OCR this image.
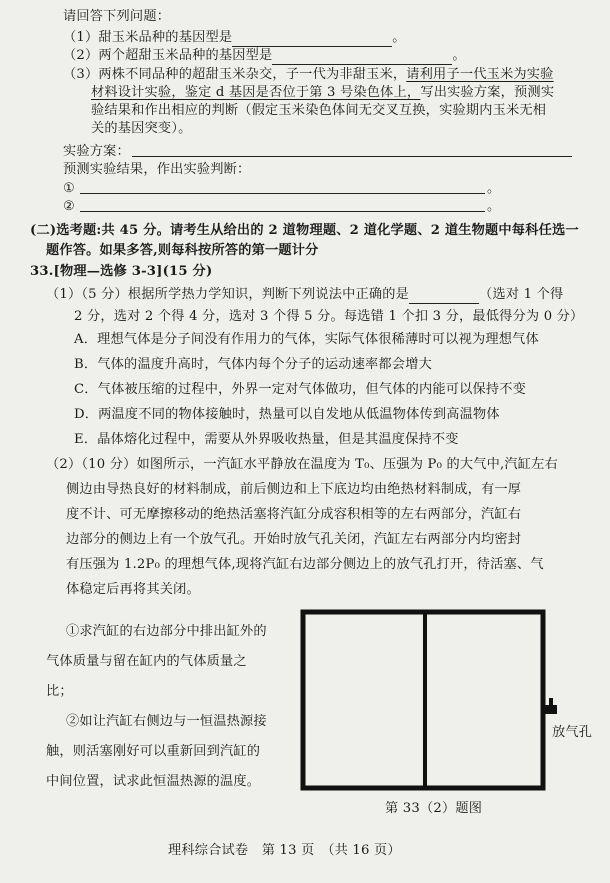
请回答下列问题：
（1）甜玉米品种的基因型是	。
（2）两个超甜玉米品种的基因型是	。
（3）两株不同品种的超甜玉米杂交，子一代为非甜玉米，请利用子一代玉米为实验
材料设计实验，鉴定 d 基因是否位于第 3 号染色体上，写出实验方案，预测实
验结果和作出相应的判断（假定玉米染色体间无交叉互换，实验期内玉米无相
关的基因突变）。
实验方案：
预测实验结果，作出实验判断：
①	。
②	。
(二)选考题:共 45 分。请考生从给出的 2 道物理题、2 道化学题、2 道生物题中每科任选一
题作答。如果多答,则每科按所答的第一题计分
33.[物理—选修 3-3](15 分)
（1）（5 分）根据所学热力学知识，判断下列说法中正确的是	（选对 1 个得
2 分，选对 2 个得 4 分，选对 3 个得 5 分。每选错 1 个扣 3 分，最低得分为 0 分）
A．理想气体是分子间没有作用力的气体，实际气体很稀薄时可以视为理想气体
B．气体的温度升高时，气体内每个分子的运动速率都会增大
C．气体被压缩的过程中，外界一定对气体做功，但气体的内能可以保持不变
D．两温度不同的物体接触时，热量可以自发地从低温物体传到高温物体
E．晶体熔化过程中，需要从外界吸收热量，但是其温度保持不变
（2）（10 分）如图所示，一汽缸水平静放在温度为 T₀、压强为 P₀ 的大气中,汽缸左右
侧边由导热良好的材料制成，前后侧边和上下底边均由绝热材料制成，有一厚
度不计、可无摩擦移动的绝热活塞将汽缸分成容积相等的左右两部分，汽缸右
边部分的侧边上有一个放气孔。开始时放气孔关闭，汽缸左右两部分内均密封
有压强为 1.2P₀ 的理想气体,现将汽缸右边部分侧边上的放气孔打开，待活塞、气
体稳定后再将其关闭。
①求汽缸的右边部分中排出缸外的
气体质量与留在缸内的气体质量之
比；
②如让汽缸右侧边与一恒温热源接
触，则活塞刚好可以重新回到汽缸的
中间位置，试求此恒温热源的温度。
放气孔
第 33（2）题图
理科综合试卷　第 13 页　（共 16 页）
